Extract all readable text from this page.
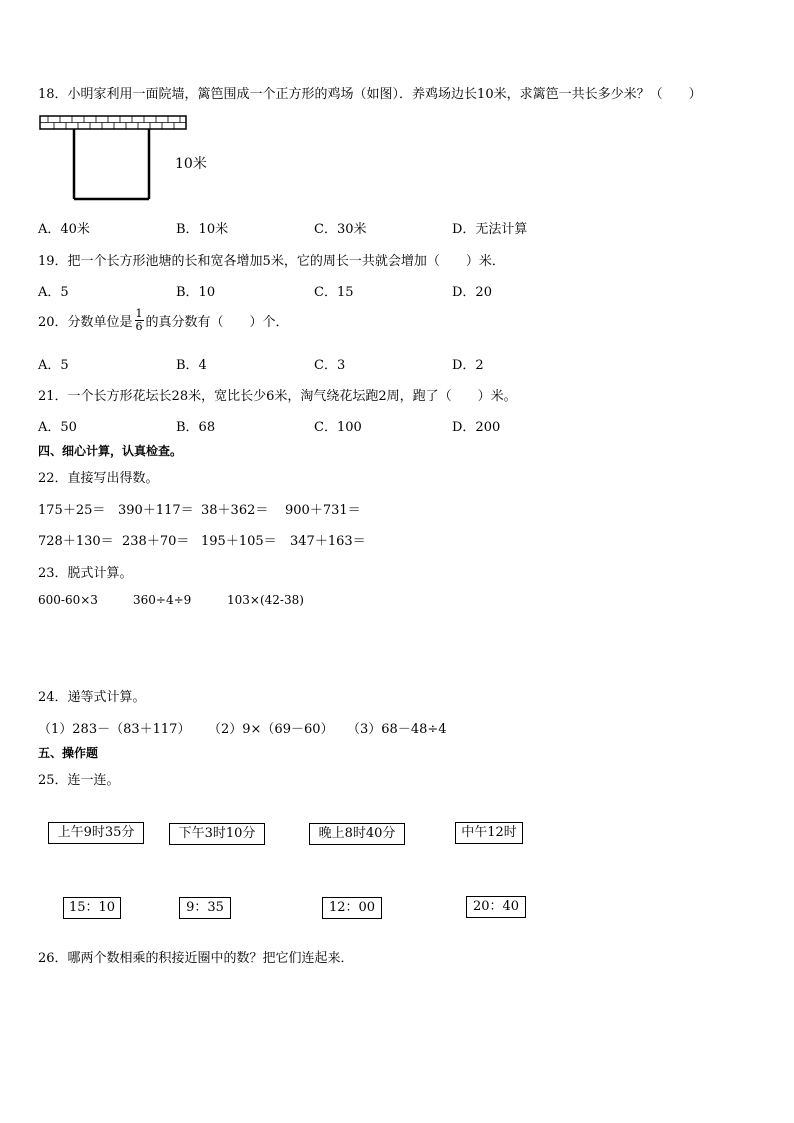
18．小明家利用一面院墙，篱笆围成一个正方形的鸡场（如图）．养鸡场边长10米，求篱笆一共长多少米？（　　）
10米
A．40米	B．10米	C．30米	D．无法计算
19．把一个长方形池塘的长和宽各增加5米，它的周长一共就会增加（　　）米．
A．5	B．10	C．15	D．20
20．分数单位是 $\frac{1}{6}$ 的真分数有（　　）个．
A．5	B．4	C．3	D．2
21．一个长方形花坛长28米，宽比长少6米，淘气绕花坛跑2周，跑了（　　）米。
A．50	B．68	C．100	D．200
四、细心计算，认真检查。
22．直接写出得数。
175＋25＝ 390＋117＝ 38＋362＝ 900＋731＝
728＋130＝ 238＋70＝ 195＋105＝ 347＋163＝
23．脱式计算。
600-60×3	360÷4÷9	103×(42-38)
24．递等式计算。
（1）283－（83＋117） （2）9×（69－60） （3）68－48÷4
五、操作题
25．连一连。
上午9时35分	下午3时10分	晚上8时40分	中午12时
15：10	9：35	12：00	20：40
26．哪两个数相乘的积接近圈中的数？把它们连起来．
